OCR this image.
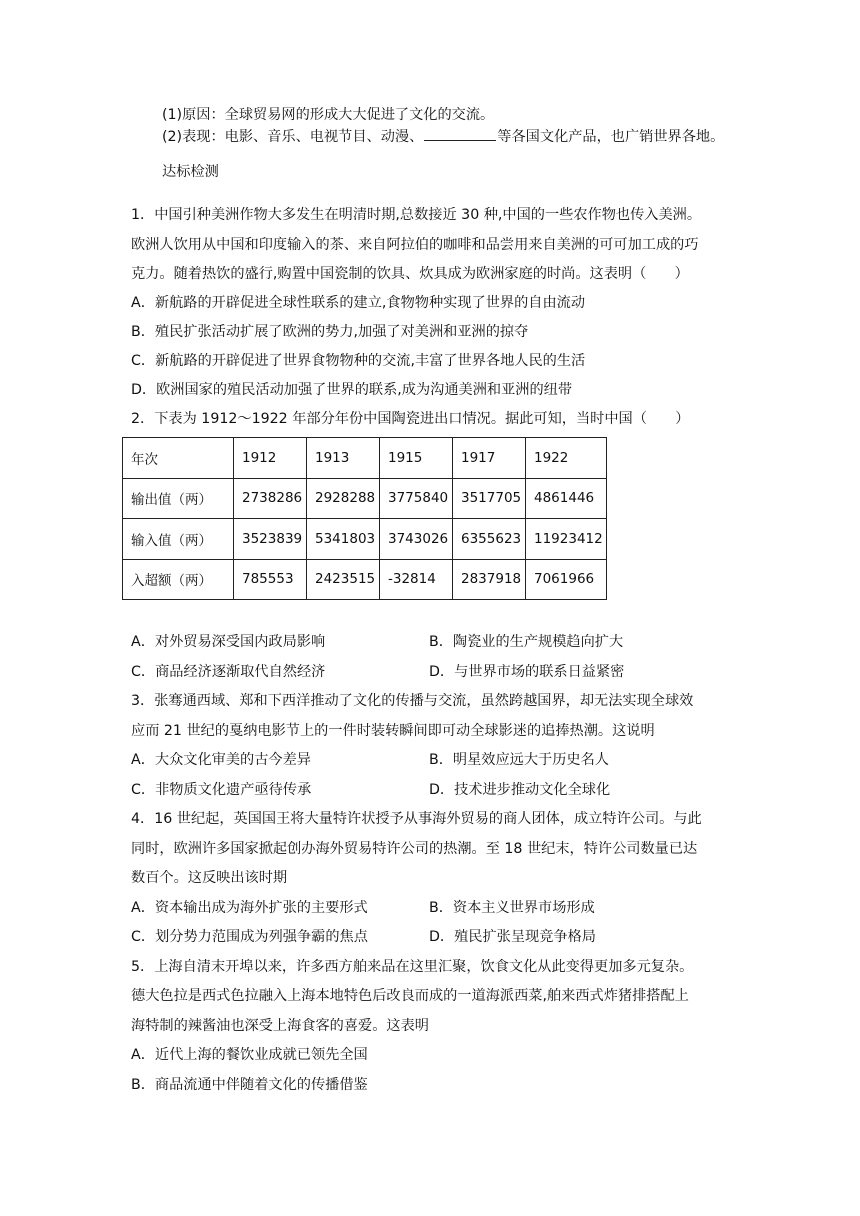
(1)原因：全球贸易网的形成大大促进了文化的交流。
(2)表现：电影、音乐、电视节目、动漫、	等各国文化产品，也广销世界各地。
达标检测
1．中国引种美洲作物大多发生在明清时期,总数接近 30 种,中国的一些农作物也传入美洲。
欧洲人饮用从中国和印度输入的茶、来自阿拉伯的咖啡和品尝用来自美洲的可可加工成的巧
克力。随着热饮的盛行,购置中国瓷制的饮具、炊具成为欧洲家庭的时尚。这表明（　　）
A．新航路的开辟促进全球性联系的建立,食物物种实现了世界的自由流动
B．殖民扩张活动扩展了欧洲的势力,加强了对美洲和亚洲的掠夺
C．新航路的开辟促进了世界食物物种的交流,丰富了世界各地人民的生活
D．欧洲国家的殖民活动加强了世界的联系,成为沟通美洲和亚洲的纽带
2．下表为 1912～1922 年部分年份中国陶瓷进出口情况。据此可知，当时中国（　　）
年次	1912	1913	1915	1917	1922
输出值（两）	2738286	2928288	3775840	3517705	4861446
输入值（两）	3523839	5341803	3743026	6355623	11923412
入超额（两）	785553	2423515	-32814	2837918	7061966
A．对外贸易深受国内政局影响	B．陶瓷业的生产规模趋向扩大
C．商品经济逐渐取代自然经济	D．与世界市场的联系日益紧密
3．张骞通西域、郑和下西洋推动了文化的传播与交流，虽然跨越国界，却无法实现全球效
应而 21 世纪的戛纳电影节上的一件时装转瞬间即可动全球影迷的追捧热潮。这说明
A．大众文化审美的古今差异	B．明星效应远大于历史名人
C．非物质文化遗产亟待传承	D．技术进步推动文化全球化
4．16 世纪起，英国国王将大量特许状授予从事海外贸易的商人团体，成立特许公司。与此
同时，欧洲许多国家掀起创办海外贸易特许公司的热潮。至 18 世纪末，特许公司数量已达
数百个。这反映出该时期
A．资本输出成为海外扩张的主要形式	B．资本主义世界市场形成
C．划分势力范围成为列强争霸的焦点	D．殖民扩张呈现竞争格局
5．上海自清末开埠以来，许多西方舶来品在这里汇聚，饮食文化从此变得更加多元复杂。
德大色拉是西式色拉融入上海本地特色后改良而成的一道海派西菜,舶来西式炸猪排搭配上
海特制的辣酱油也深受上海食客的喜爱。这表明
A．近代上海的餐饮业成就已领先全国
B．商品流通中伴随着文化的传播借鉴
